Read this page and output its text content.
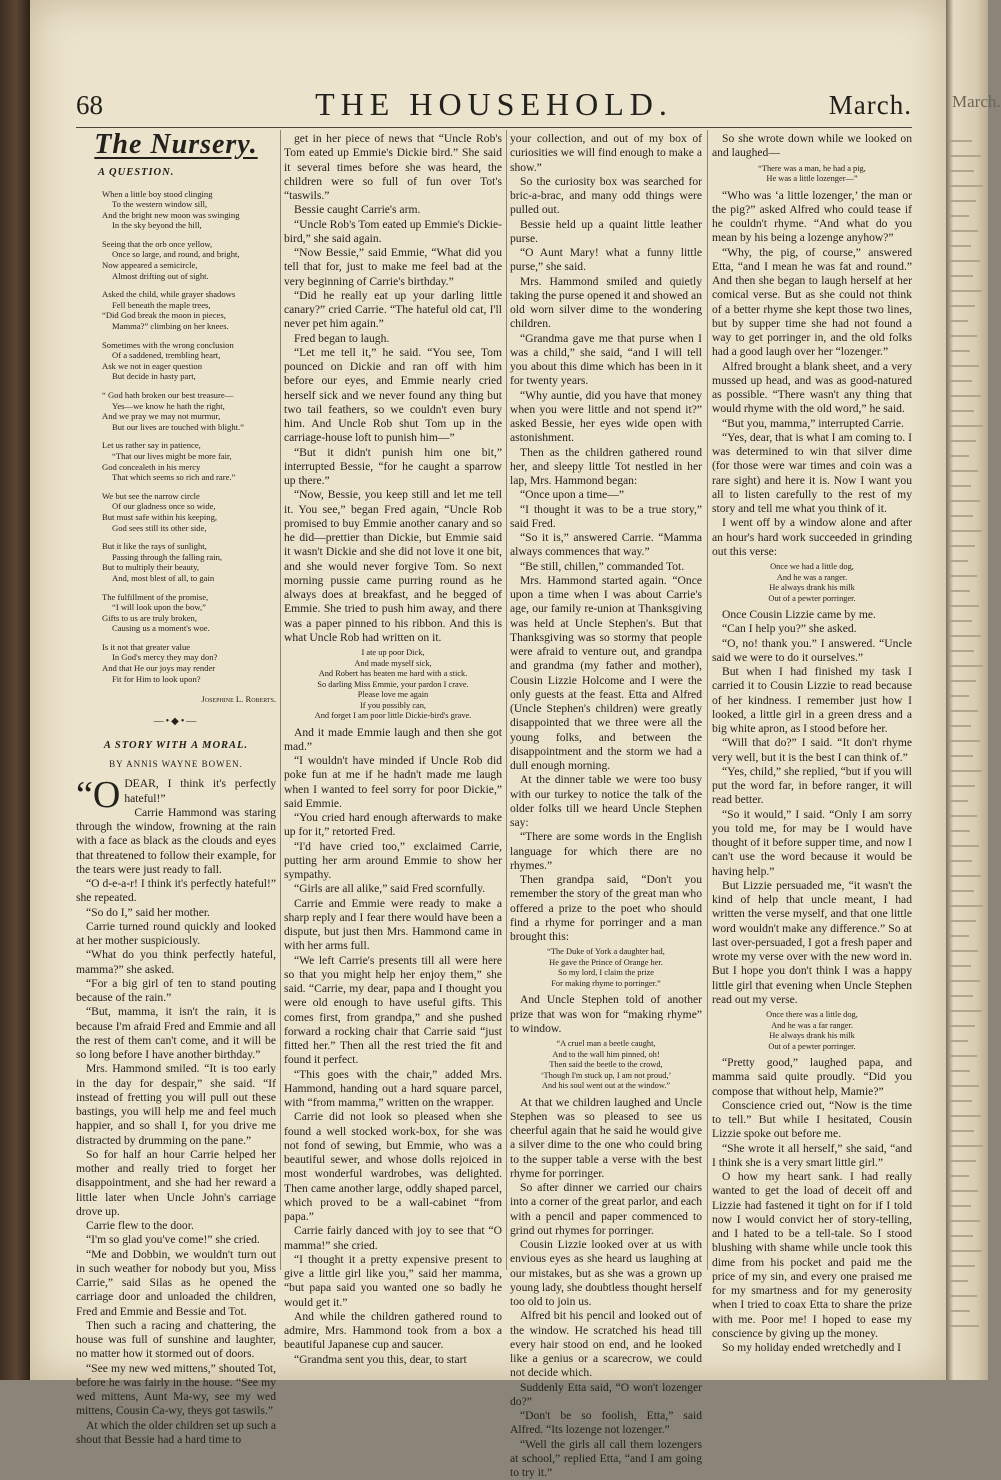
March.
68	THE HOUSEHOLD.	March.
The Nursery.
A QUESTION.
When a little boy stood clinging
To the western window sill,
And the bright new moon was swinging
In the sky beyond the hill,
Seeing that the orb once yellow,
Once so large, and round, and bright,
Now appeared a semicircle,
Almost drifting out of sight.
Asked the child, while grayer shadows
Fell beneath the maple trees,
“Did God break the moon in pieces,
Mamma?” climbing on her knees.
Sometimes with the wrong conclusion
Of a saddened, trembling heart,
Ask we not in eager question
But decide in hasty part,
“ God hath broken our best treasure—
Yes—we know he hath the right,
And we pray we may not murmur,
But our lives are touched with blight.”
Let us rather say in patience,
“That our lives might be more fair,
God concealeth in his mercy
That which seems so rich and rare.”
We but see the narrow circle
Of our gladness once so wide,
But must safe within his keeping,
God sees still its other side,
But it like the rays of sunlight,
Passing through the falling rain,
But to multiply their beauty,
And, most blest of all, to gain
The fulfillment of the promise,
“I will look upon the bow,”
Gifts to us are truly broken,
Causing us a moment's woe.
Is it not that greater value
In God's mercy they may don?
And that He our joys may render
Fit for Him to look upon?
Josephine L. Roberts.
—•◆•—
A STORY WITH A MORAL.
BY ANNIS WAYNE BOWEN.

“ODEAR, I think it's perfectly hateful!”

Carrie Hammond was staring through the window, frowning at the rain with a face as black as the clouds and eyes that threatened to follow their example, for the tears were just ready to fall.

“O d-e-a-r! I think it's perfectly hateful!” she repeated.

“So do I,” said her mother.

Carrie turned round quickly and looked at her mother suspiciously.

“What do you think perfectly hateful, mamma?” she asked.

“For a big girl of ten to stand pouting because of the rain.”

“But, mamma, it isn't the rain, it is because I'm afraid Fred and Emmie and all the rest of them can't come, and it will be so long before I have another birthday.”

Mrs. Hammond smiled. “It is too early in the day for despair,” she said. “If instead of fretting you will pull out these bastings, you will help me and feel much happier, and so shall I, for you drive me distracted by drumming on the pane.”

So for half an hour Carrie helped her mother and really tried to forget her disappointment, and she had her reward a little later when Uncle John's carriage drove up.

Carrie flew to the door.

“I'm so glad you've come!” she cried.

“Me and Dobbin, we wouldn't turn out in such weather for nobody but you, Miss Carrie,” said Silas as he opened the carriage door and unloaded the children, Fred and Emmie and Bessie and Tot.

Then such a racing and chattering, the house was full of sunshine and laughter, no matter how it stormed out of doors.

“See my new wed mittens,” shouted Tot, before he was fairly in the house. “See my wed mittens, Aunt Ma-wy, see my wed mittens, Cousin Ca-wy, theys got taswils.”

At which the older children set up such a shout that Bessie had a hard time to

get in her piece of news that “Uncle Rob's Tom eated up Emmie's Dickie bird.” She said it several times before she was heard, the children were so full of fun over Tot's “taswils.”

Bessie caught Carrie's arm.

“Uncle Rob's Tom eated up Emmie's Dickie-bird,” she said again.

“Now Bessie,” said Emmie, “What did you tell that for, just to make me feel bad at the very beginning of Carrie's birthday.”

“Did he really eat up your darling little canary?” cried Carrie. “The hateful old cat, I'll never pet him again.”

Fred began to laugh.

“Let me tell it,” he said. “You see, Tom pounced on Dickie and ran off with him before our eyes, and Emmie nearly cried herself sick and we never found any thing but two tail feathers, so we couldn't even bury him. And Uncle Rob shut Tom up in the carriage-house loft to punish him—”

“But it didn't punish him one bit,” interrupted Bessie, “for he caught a sparrow up there.”

“Now, Bessie, you keep still and let me tell it. You see,” began Fred again, “Uncle Rob promised to buy Emmie another canary and so he did—prettier than Dickie, but Emmie said it wasn't Dickie and she did not love it one bit, and she would never forgive Tom. So next morning pussie came purring round as he always does at breakfast, and he begged of Emmie. She tried to push him away, and there was a paper pinned to his ribbon. And this is what Uncle Rob had written on it.

I ate up poor Dick,
And made myself sick,
And Robert has beaten me hard with a stick.
So darling Miss Emmie, your pardon I crave.
Please love me again
If you possibly can,
And forget I am poor little Dickie-bird's grave.

And it made Emmie laugh and then she got mad.”

“I wouldn't have minded if Uncle Rob did poke fun at me if he hadn't made me laugh when I wanted to feel sorry for poor Dickie,” said Emmie.

“You cried hard enough afterwards to make up for it,” retorted Fred.

“I'd have cried too,” exclaimed Carrie, putting her arm around Emmie to show her sympathy.

“Girls are all alike,” said Fred scornfully.

Carrie and Emmie were ready to make a sharp reply and I fear there would have been a dispute, but just then Mrs. Hammond came in with her arms full.

“We left Carrie's presents till all were here so that you might help her enjoy them,” she said. “Carrie, my dear, papa and I thought you were old enough to have useful gifts. This comes first, from grandpa,” and she pushed forward a rocking chair that Carrie said “just fitted her.” Then all the rest tried the fit and found it perfect.

“This goes with the chair,” added Mrs. Hammond, handing out a hard square parcel, with “from mamma,” written on the wrapper.

Carrie did not look so pleased when she found a well stocked work-box, for she was not fond of sewing, but Emmie, who was a beautiful sewer, and whose dolls rejoiced in most wonderful wardrobes, was delighted. Then came another large, oddly shaped parcel, which proved to be a wall-cabinet “from papa.”

Carrie fairly danced with joy to see that “O mamma!” she cried.

“I thought it a pretty expensive present to give a little girl like you,” said her mamma, “but papa said you wanted one so badly he would get it.”

And while the children gathered round to admire, Mrs. Hammond took from a box a beautiful Japanese cup and saucer.

“Grandma sent you this, dear, to start

your collection, and out of my box of curiosities we will find enough to make a show.”

So the curiosity box was searched for bric-a-brac, and many odd things were pulled out.

Bessie held up a quaint little leather purse.

“O Aunt Mary! what a funny little purse,” she said.

Mrs. Hammond smiled and quietly taking the purse opened it and showed an old worn silver dime to the wondering children.

“Grandma gave me that purse when I was a child,” she said, “and I will tell you about this dime which has been in it for twenty years.

“Why auntie, did you have that money when you were little and not spend it?” asked Bessie, her eyes wide open with astonishment.

Then as the children gathered round her, and sleepy little Tot nestled in her lap, Mrs. Hammond began:

“Once upon a time—”

“I thought it was to be a true story,” said Fred.

“So it is,” answered Carrie. “Mamma always commences that way.”

“Be still, chillen,” commanded Tot.

Mrs. Hammond started again. “Once upon a time when I was about Carrie's age, our family re-union at Thanksgiving was held at Uncle Stephen's. But that Thanksgiving was so stormy that people were afraid to venture out, and grandpa and grandma (my father and mother), Cousin Lizzie Holcome and I were the only guests at the feast. Etta and Alfred (Uncle Stephen's children) were greatly disappointed that we three were all the young folks, and between the disappointment and the storm we had a dull enough morning.

At the dinner table we were too busy with our turkey to notice the talk of the older folks till we heard Uncle Stephen say:

“There are some words in the English language for which there are no rhymes.”

Then grandpa said, “Don't you remember the story of the great man who offered a prize to the poet who should find a rhyme for porringer and a man brought this:

“The Duke of York a daughter had,
He gave the Prince of Orange her.
So my lord, I claim the prize
For making rhyme to porringer.”

And Uncle Stephen told of another prize that was won for “making rhyme” to window.

“A cruel man a beetle caught,
And to the wall him pinned, oh!
Then said the beetle to the crowd,
‘Though I'm stuck up, I am not proud,’
And his soul went out at the window.”

At that we children laughed and Uncle Stephen was so pleased to see us cheerful again that he said he would give a silver dime to the one who could bring to the supper table a verse with the best rhyme for porringer.

So after dinner we carried our chairs into a corner of the great parlor, and each with a pencil and paper commenced to grind out rhymes for porringer.

Cousin Lizzie looked over at us with envious eyes as she heard us laughing at our mistakes, but as she was a grown up young lady, she doubtless thought herself too old to join us.

Alfred bit his pencil and looked out of the window. He scratched his head till every hair stood on end, and he looked like a genius or a scarecrow, we could not decide which.

Suddenly Etta said, “O won't lozenger do?”

“Don't be so foolish, Etta,” said Alfred. “Its lozenge not lozenger.”

“Well the girls all call them lozengers at school,” replied Etta, “and I am going to try it.”

So she wrote down while we looked on and laughed—

“There was a man, he had a pig,
He was a little lozenger—”

“Who was ‘a little lozenger,’ the man or the pig?” asked Alfred who could tease if he couldn't rhyme. “And what do you mean by his being a lozenge anyhow?”

“Why, the pig, of course,” answered Etta, “and I mean he was fat and round.” And then she began to laugh herself at her comical verse. But as she could not think of a better rhyme she kept those two lines, but by supper time she had not found a way to get porringer in, and the old folks had a good laugh over her “lozenger.”

Alfred brought a blank sheet, and a very mussed up head, and was as good-natured as possible. “There wasn't any thing that would rhyme with the old word,” he said.

“But you, mamma,” interrupted Carrie.

“Yes, dear, that is what I am coming to. I was determined to win that silver dime (for those were war times and coin was a rare sight) and here it is. Now I want you all to listen carefully to the rest of my story and tell me what you think of it.

I went off by a window alone and after an hour's hard work succeeded in grinding out this verse:

Once we had a little dog,
And he was a ranger.
He always drank his milk
Out of a pewter porringer.

Once Cousin Lizzie came by me.

“Can I help you?” she asked.

“O, no! thank you.” I answered. “Uncle said we were to do it ourselves.”

But when I had finished my task I carried it to Cousin Lizzie to read because of her kindness. I remember just how I looked, a little girl in a green dress and a big white apron, as I stood before her.

“Will that do?” I said. “It don't rhyme very well, but it is the best I can think of.”

“Yes, child,” she replied, “but if you will put the word far, in before ranger, it will read better.

“So it would,” I said. “Only I am sorry you told me, for may be I would have thought of it before supper time, and now I can't use the word because it would be having help.”

But Lizzie persuaded me, “it wasn't the kind of help that uncle meant, I had written the verse myself, and that one little word wouldn't make any difference.” So at last over-persuaded, I got a fresh paper and wrote my verse over with the new word in. But I hope you don't think I was a happy little girl that evening when Uncle Stephen read out my verse.

Once there was a little dog,
And he was a far ranger.
He always drank his milk
Out of a pewter porringer.

“Pretty good,” laughed papa, and mamma said quite proudly. “Did you compose that without help, Mamie?”

Conscience cried out, “Now is the time to tell.” But while I hesitated, Cousin Lizzie spoke out before me.

“She wrote it all herself,” she said, “and I think she is a very smart little girl.”

O how my heart sank. I had really wanted to get the load of deceit off and Lizzie had fastened it tight on for if I told now I would convict her of story-telling, and I hated to be a tell-tale. So I stood blushing with shame while uncle took this dime from his pocket and paid me the price of my sin, and every one praised me for my smartness and for my generosity when I tried to coax Etta to share the prize with me. Poor me! I hoped to ease my conscience by giving up the money.

So my holiday ended wretchedly and I
